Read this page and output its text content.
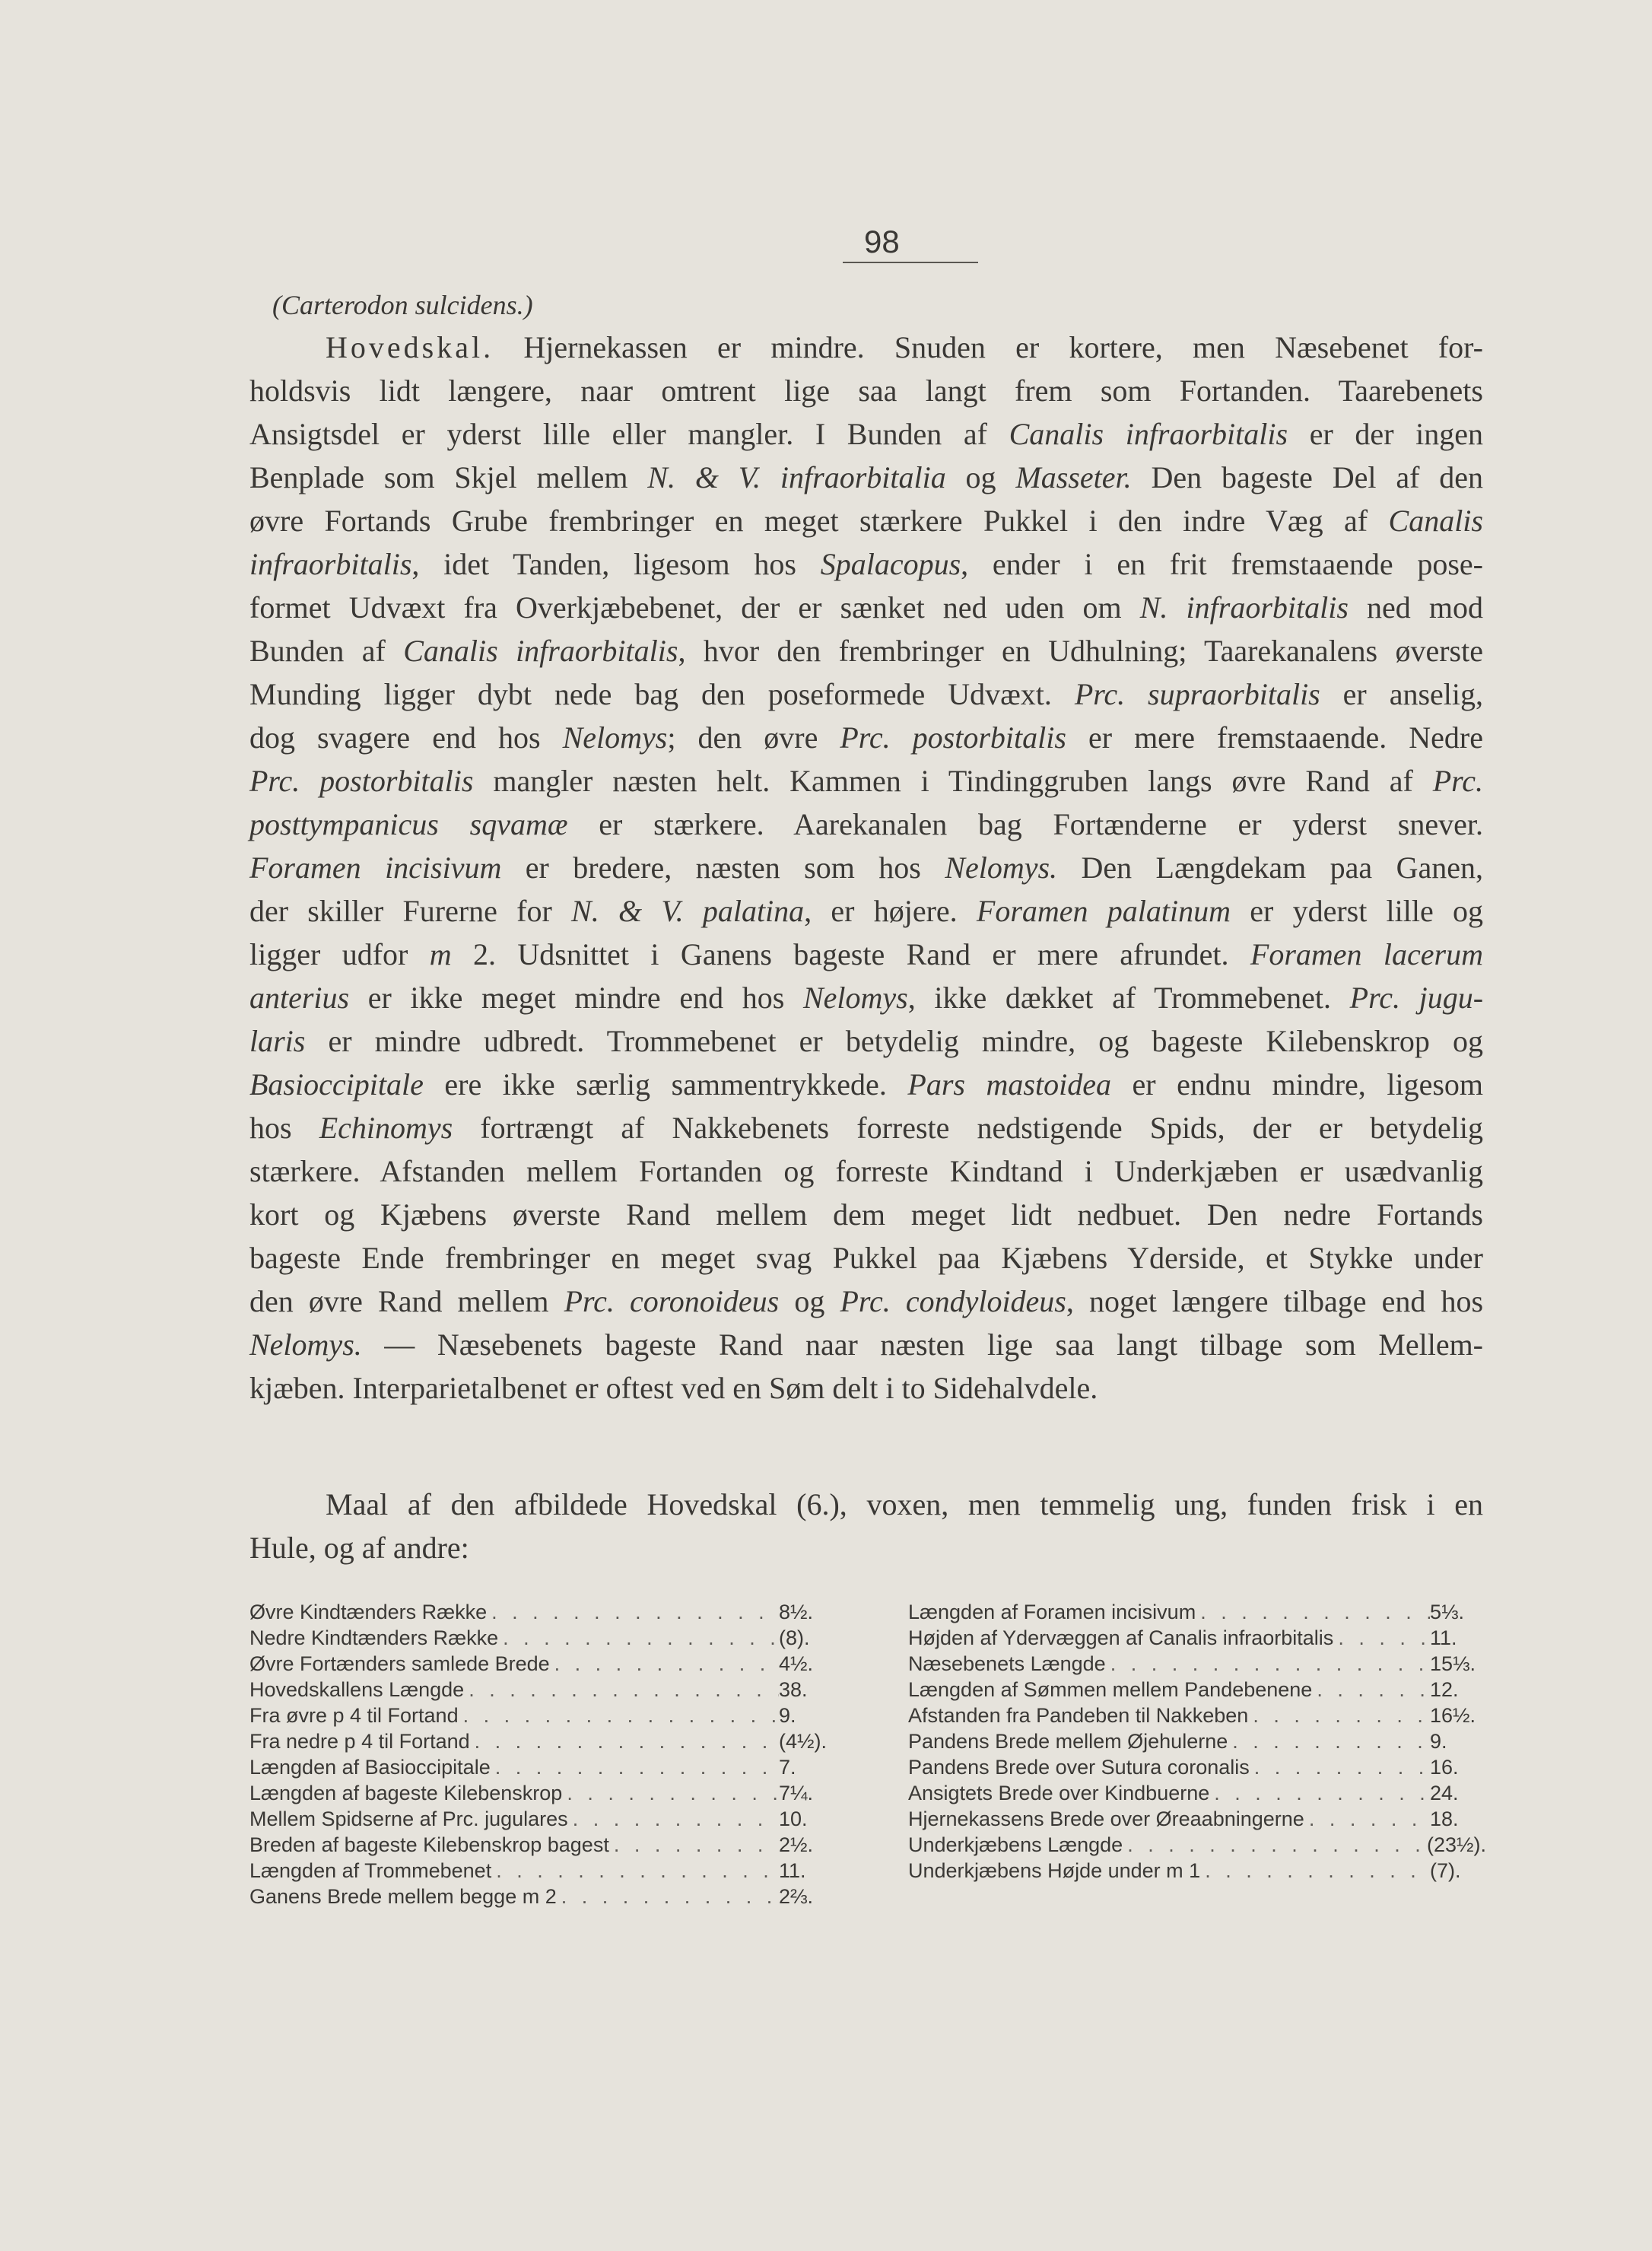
98
(Carterodon sulcidens.)
Hovedskal. Hjernekassen er mindre. Snuden er kortere, men Næsebenet for-
holdsvis lidt længere, naar omtrent lige saa langt frem som Fortanden. Taarebenets
Ansigtsdel er yderst lille eller mangler. I Bunden af Canalis infraorbitalis er der ingen
Benplade som Skjel mellem N. & V. infraorbitalia og Masseter. Den bageste Del af den
øvre Fortands Grube frembringer en meget stærkere Pukkel i den indre Væg af Canalis
infraorbitalis, idet Tanden, ligesom hos Spalacopus, ender i en frit fremstaaende pose-
formet Udvæxt fra Overkjæbebenet, der er sænket ned uden om N. infraorbitalis ned mod
Bunden af Canalis infraorbitalis, hvor den frembringer en Udhulning; Taarekanalens øverste
Munding ligger dybt nede bag den poseformede Udvæxt. Prc. supraorbitalis er anselig,
dog svagere end hos Nelomys; den øvre Prc. postorbitalis er mere fremstaaende. Nedre
Prc. postorbitalis mangler næsten helt. Kammen i Tindinggruben langs øvre Rand af Prc.
posttympanicus sqvamæ er stærkere. Aarekanalen bag Fortænderne er yderst snever.
Foramen incisivum er bredere, næsten som hos Nelomys. Den Længdekam paa Ganen,
der skiller Furerne for N. & V. palatina, er højere. Foramen palatinum er yderst lille og
ligger udfor m 2. Udsnittet i Ganens bageste Rand er mere afrundet. Foramen lacerum
anterius er ikke meget mindre end hos Nelomys, ikke dækket af Trommebenet. Prc. jugu-
laris er mindre udbredt. Trommebenet er betydelig mindre, og bageste Kilebenskrop og
Basioccipitale ere ikke særlig sammentrykkede. Pars mastoidea er endnu mindre, ligesom
hos Echinomys fortrængt af Nakkebenets forreste nedstigende Spids, der er betydelig
stærkere. Afstanden mellem Fortanden og forreste Kindtand i Underkjæben er usædvanlig
kort og Kjæbens øverste Rand mellem dem meget lidt nedbuet. Den nedre Fortands
bageste Ende frembringer en meget svag Pukkel paa Kjæbens Yderside, et Stykke under
den øvre Rand mellem Prc. coronoideus og Prc. condyloideus, noget længere tilbage end hos
Nelomys. — Næsebenets bageste Rand naar næsten lige saa langt tilbage som Mellem-
kjæben. Interparietalbenet er oftest ved en Søm delt i to Sidehalvdele.
Maal af den afbildede Hovedskal (6.), voxen, men temmelig ung, funden frisk i en
Hule, og af andre:
Øvre Kindtænders Række . . .	8½.
Nedre Kindtænders Række . . .	(8).
Øvre Fortænders samlede Brede . . .	4½.
Hovedskallens Længde . . .	38.
Fra øvre p 4 til Fortand . . .	9.
Fra nedre p 4 til Fortand . . .	(4½).
Længden af Basioccipitale . . .	7.
Længden af bageste Kilebenskrop . . .	7¼.
Mellem Spidserne af Prc. jugulares . . .	10.
Breden af bageste Kilebenskrop bagest . . .	2½.
Længden af Trommebenet . . .	11.
Ganens Brede mellem begge m 2 . . .	2⅔.
Længden af Foramen incisivum . . .	5⅓.
Højden af Ydervæggen af Canalis infraorbitalis . . .	11.
Næsebenets Længde . . .	15⅓.
Længden af Sømmen mellem Pandebenene . . .	12.
Afstanden fra Pandeben til Nakkeben . . .	16½.
Pandens Brede mellem Øjehulerne . . .	9.
Pandens Brede over Sutura coronalis . . .	16.
Ansigtets Brede over Kindbuerne . . .	24.
Hjernekassens Brede over Øreaabningerne . . .	18.
Underkjæbens Længde . . .	(23½).
Underkjæbens Højde under m 1 . . .	(7).
